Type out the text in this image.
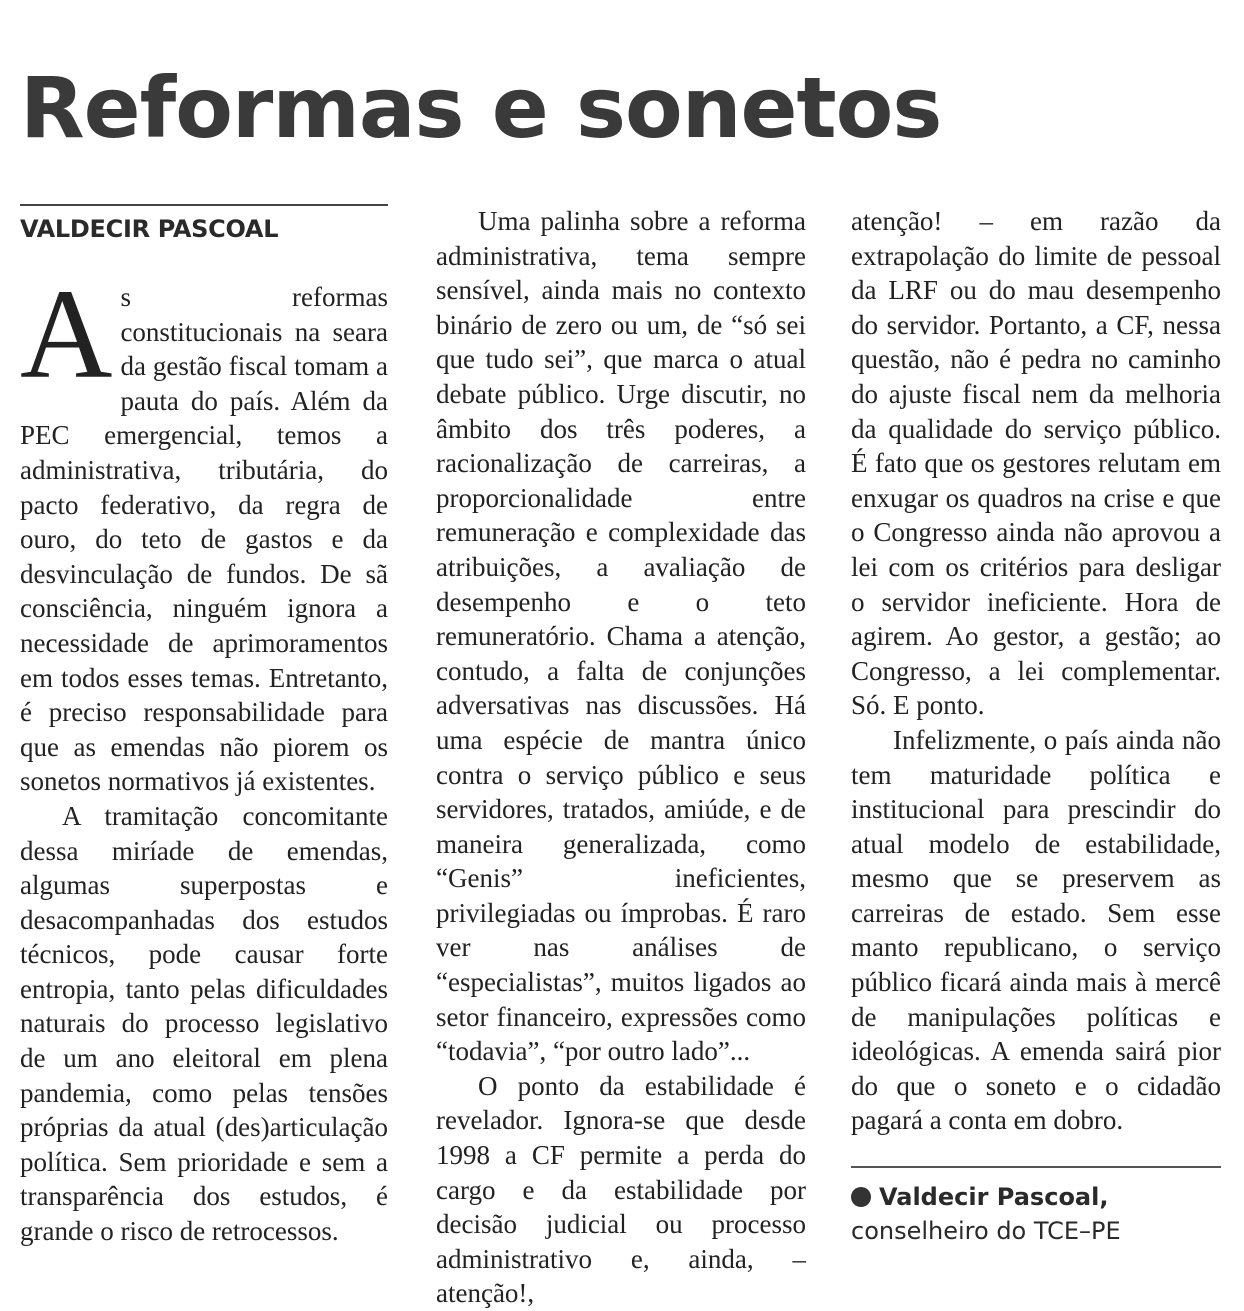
Reformas e sonetos
VALDECIR PASCOAL

As reformas constitucionais na seara da gestão fiscal tomam a pauta do país. Além da PEC emergencial, temos a administrativa, tributária, do pacto federativo, da regra de ouro, do teto de gastos e da desvinculação de fundos. De sã consciência, ninguém ignora a necessidade de aprimoramentos em todos esses temas. Entretanto, é preciso responsabilidade para que as emendas não piorem os sonetos normativos já existentes.

A tramitação concomitante dessa miríade de emendas, algumas superpostas e desacompanhadas dos estudos técnicos, pode causar forte entropia, tanto pelas dificuldades naturais do processo legislativo de um ano eleitoral em plena pandemia, como pelas tensões próprias da atual (des)articulação política. Sem prioridade e sem a transparência dos estudos, é grande o risco de retrocessos.

Uma palinha sobre a reforma administrativa, tema sempre sensível, ainda mais no contexto binário de zero ou um, de “só sei que tudo sei”, que marca o atual debate público. Urge discutir, no âmbito dos três poderes, a racionalização de carreiras, a proporcionalidade entre remuneração e complexidade das atribuições, a avaliação de desempenho e o teto remuneratório. Chama a atenção, contudo, a falta de conjunções adversativas nas discussões. Há uma espécie de mantra único contra o serviço público e seus servidores, tratados, amiúde, e de maneira generalizada, como “Genis” ineficientes, privilegiadas ou ímprobas. É raro ver nas análises de “especialistas”, muitos ligados ao setor financeiro, expressões como “todavia”, “por outro lado”...

O ponto da estabilidade é revelador. Ignora-se que desde 1998 a CF permite a perda do cargo e da estabilidade por decisão judicial ou processo administrativo e, ainda, – atenção!,

atenção! – em razão da extrapolação do limite de pessoal da LRF ou do mau desempenho do servidor. Portanto, a CF, nessa questão, não é pedra no caminho do ajuste fiscal nem da melhoria da qualidade do serviço público. É fato que os gestores relutam em enxugar os quadros na crise e que o Congresso ainda não aprovou a lei com os critérios para desligar o servidor ineficiente. Hora de agirem. Ao gestor, a gestão; ao Congresso, a lei complementar. Só. E ponto.

Infelizmente, o país ainda não tem maturidade política e institucional para prescindir do atual modelo de estabilidade, mesmo que se preservem as carreiras de estado. Sem esse manto republicano, o serviço público ficará ainda mais à mercê de manipulações políticas e ideológicas. A emenda sairá pior do que o soneto e o cidadão pagará a conta em dobro.

Valdecir Pascoal,
conselheiro do TCE–PE
